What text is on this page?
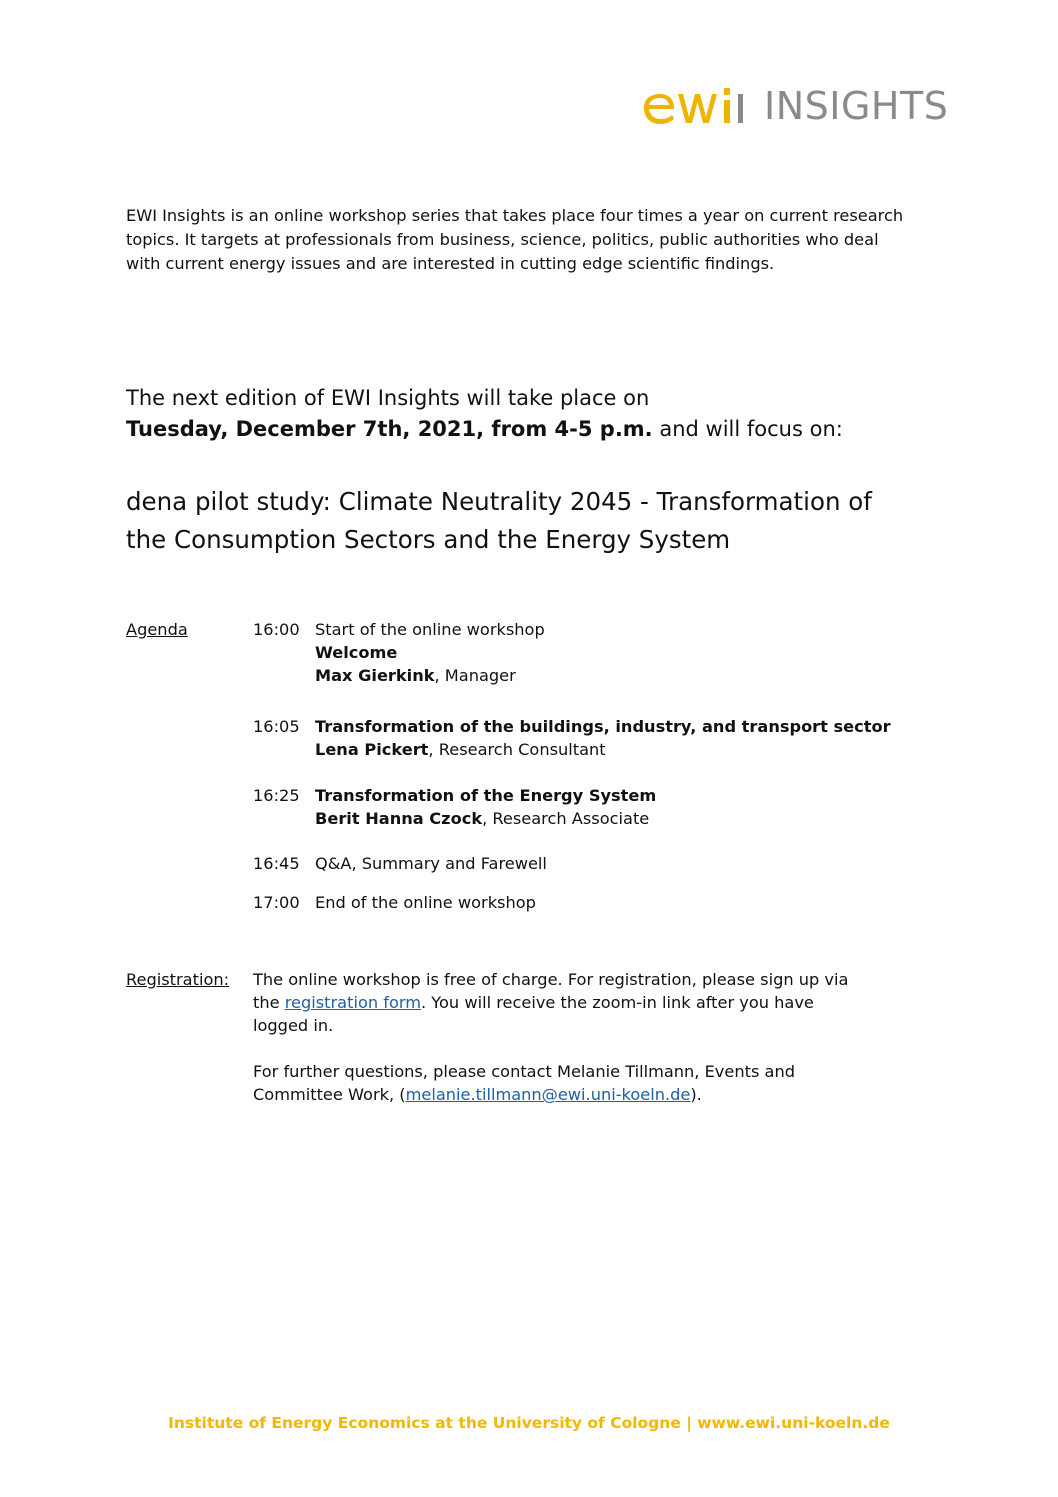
INSIGHTS

EWI Insights is an online workshop series that takes place four times a year on current research topics. It targets at professionals from business, science, politics, public authorities who deal with current energy issues and are interested in cutting edge scientific findings.

The next edition of EWI Insights will take place on
Tuesday, December 7th, 2021, from 4-5 p.m. and will focus on:
dena pilot study: Climate Neutrality 2045 - Transformation of
the Consumption Sectors and the Energy System
Agenda	16:00 Start of the online workshop
Welcome
Max Gierkink, Manager
16:05 Transformation of the buildings, industry, and transport sector
Lena Pickert, Research Consultant
16:25 Transformation of the Energy System
Berit Hanna Czock, Research Associate
16:45 Q&A, Summary and Farewell
17:00 End of the online workshop
Registration: The online workshop is free of charge. For registration, please sign up via
the registration form. You will receive the zoom-in link after you have
logged in.
For further questions, please contact Melanie Tillmann, Events and
Committee Work, (melanie.tillmann@ewi.uni-koeln.de).
Institute of Energy Economics at the University of Cologne | www.ewi.uni-koeln.de
